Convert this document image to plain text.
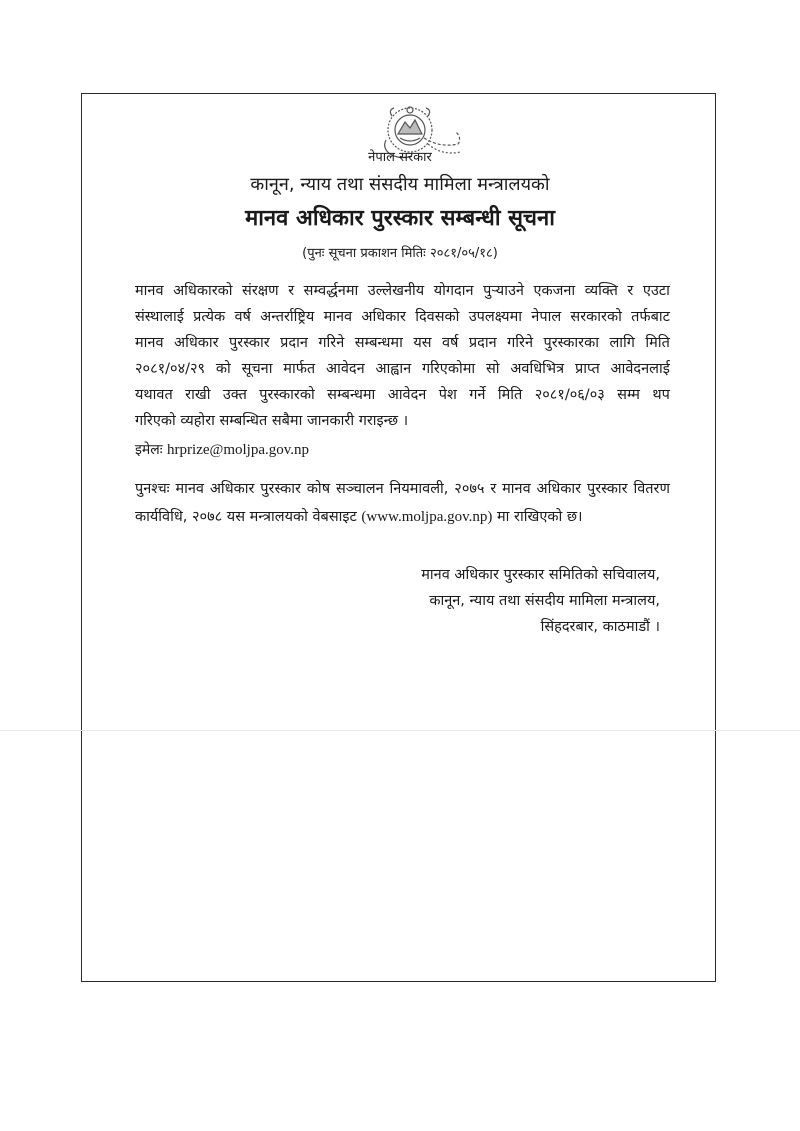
नेपाल सरकार
कानून, न्याय तथा संसदीय मामिला मन्त्रालयको
मानव अधिकार पुरस्कार सम्बन्धी सूचना
(पुनः सूचना प्रकाशन मितिः २०८१/०५/१८)
मानव अधिकारको संरक्षण र सम्वर्द्धनमा उल्लेखनीय योगदान पुऱ्याउने एकजना व्यक्ति र एउटा
संस्थालाई प्रत्येक वर्ष अन्तर्राष्ट्रिय मानव अधिकार दिवसको उपलक्ष्यमा नेपाल सरकारको तर्फबाट
मानव अधिकार पुरस्कार प्रदान गरिने सम्बन्धमा यस वर्ष प्रदान गरिने पुरस्कारका लागि मिति
२०८१/०४/२९ को सूचना मार्फत आवेदन आह्वान गरिएकोमा सो अवधिभित्र प्राप्त आवेदनलाई
यथावत राखी उक्त पुरस्कारको सम्बन्धमा आवेदन पेश गर्ने मिति २०८१/०६/०३ सम्म थप
गरिएको व्यहोरा सम्बन्धित सबैमा जानकारी गराइन्छ ।
इमेलः hrprize@moljpa.gov.np
पुनश्चः मानव अधिकार पुरस्कार कोष सञ्चालन नियमावली, २०७५ र मानव अधिकार पुरस्कार वितरण
कार्यविधि, २०७८ यस मन्त्रालयको वेबसाइट
(www.moljpa.gov.np)
मा राखिएको छ।
मानव अधिकार पुरस्कार समितिको सचिवालय,
कानून, न्याय तथा संसदीय मामिला मन्त्रालय,
सिंहदरबार, काठमाडौं ।
